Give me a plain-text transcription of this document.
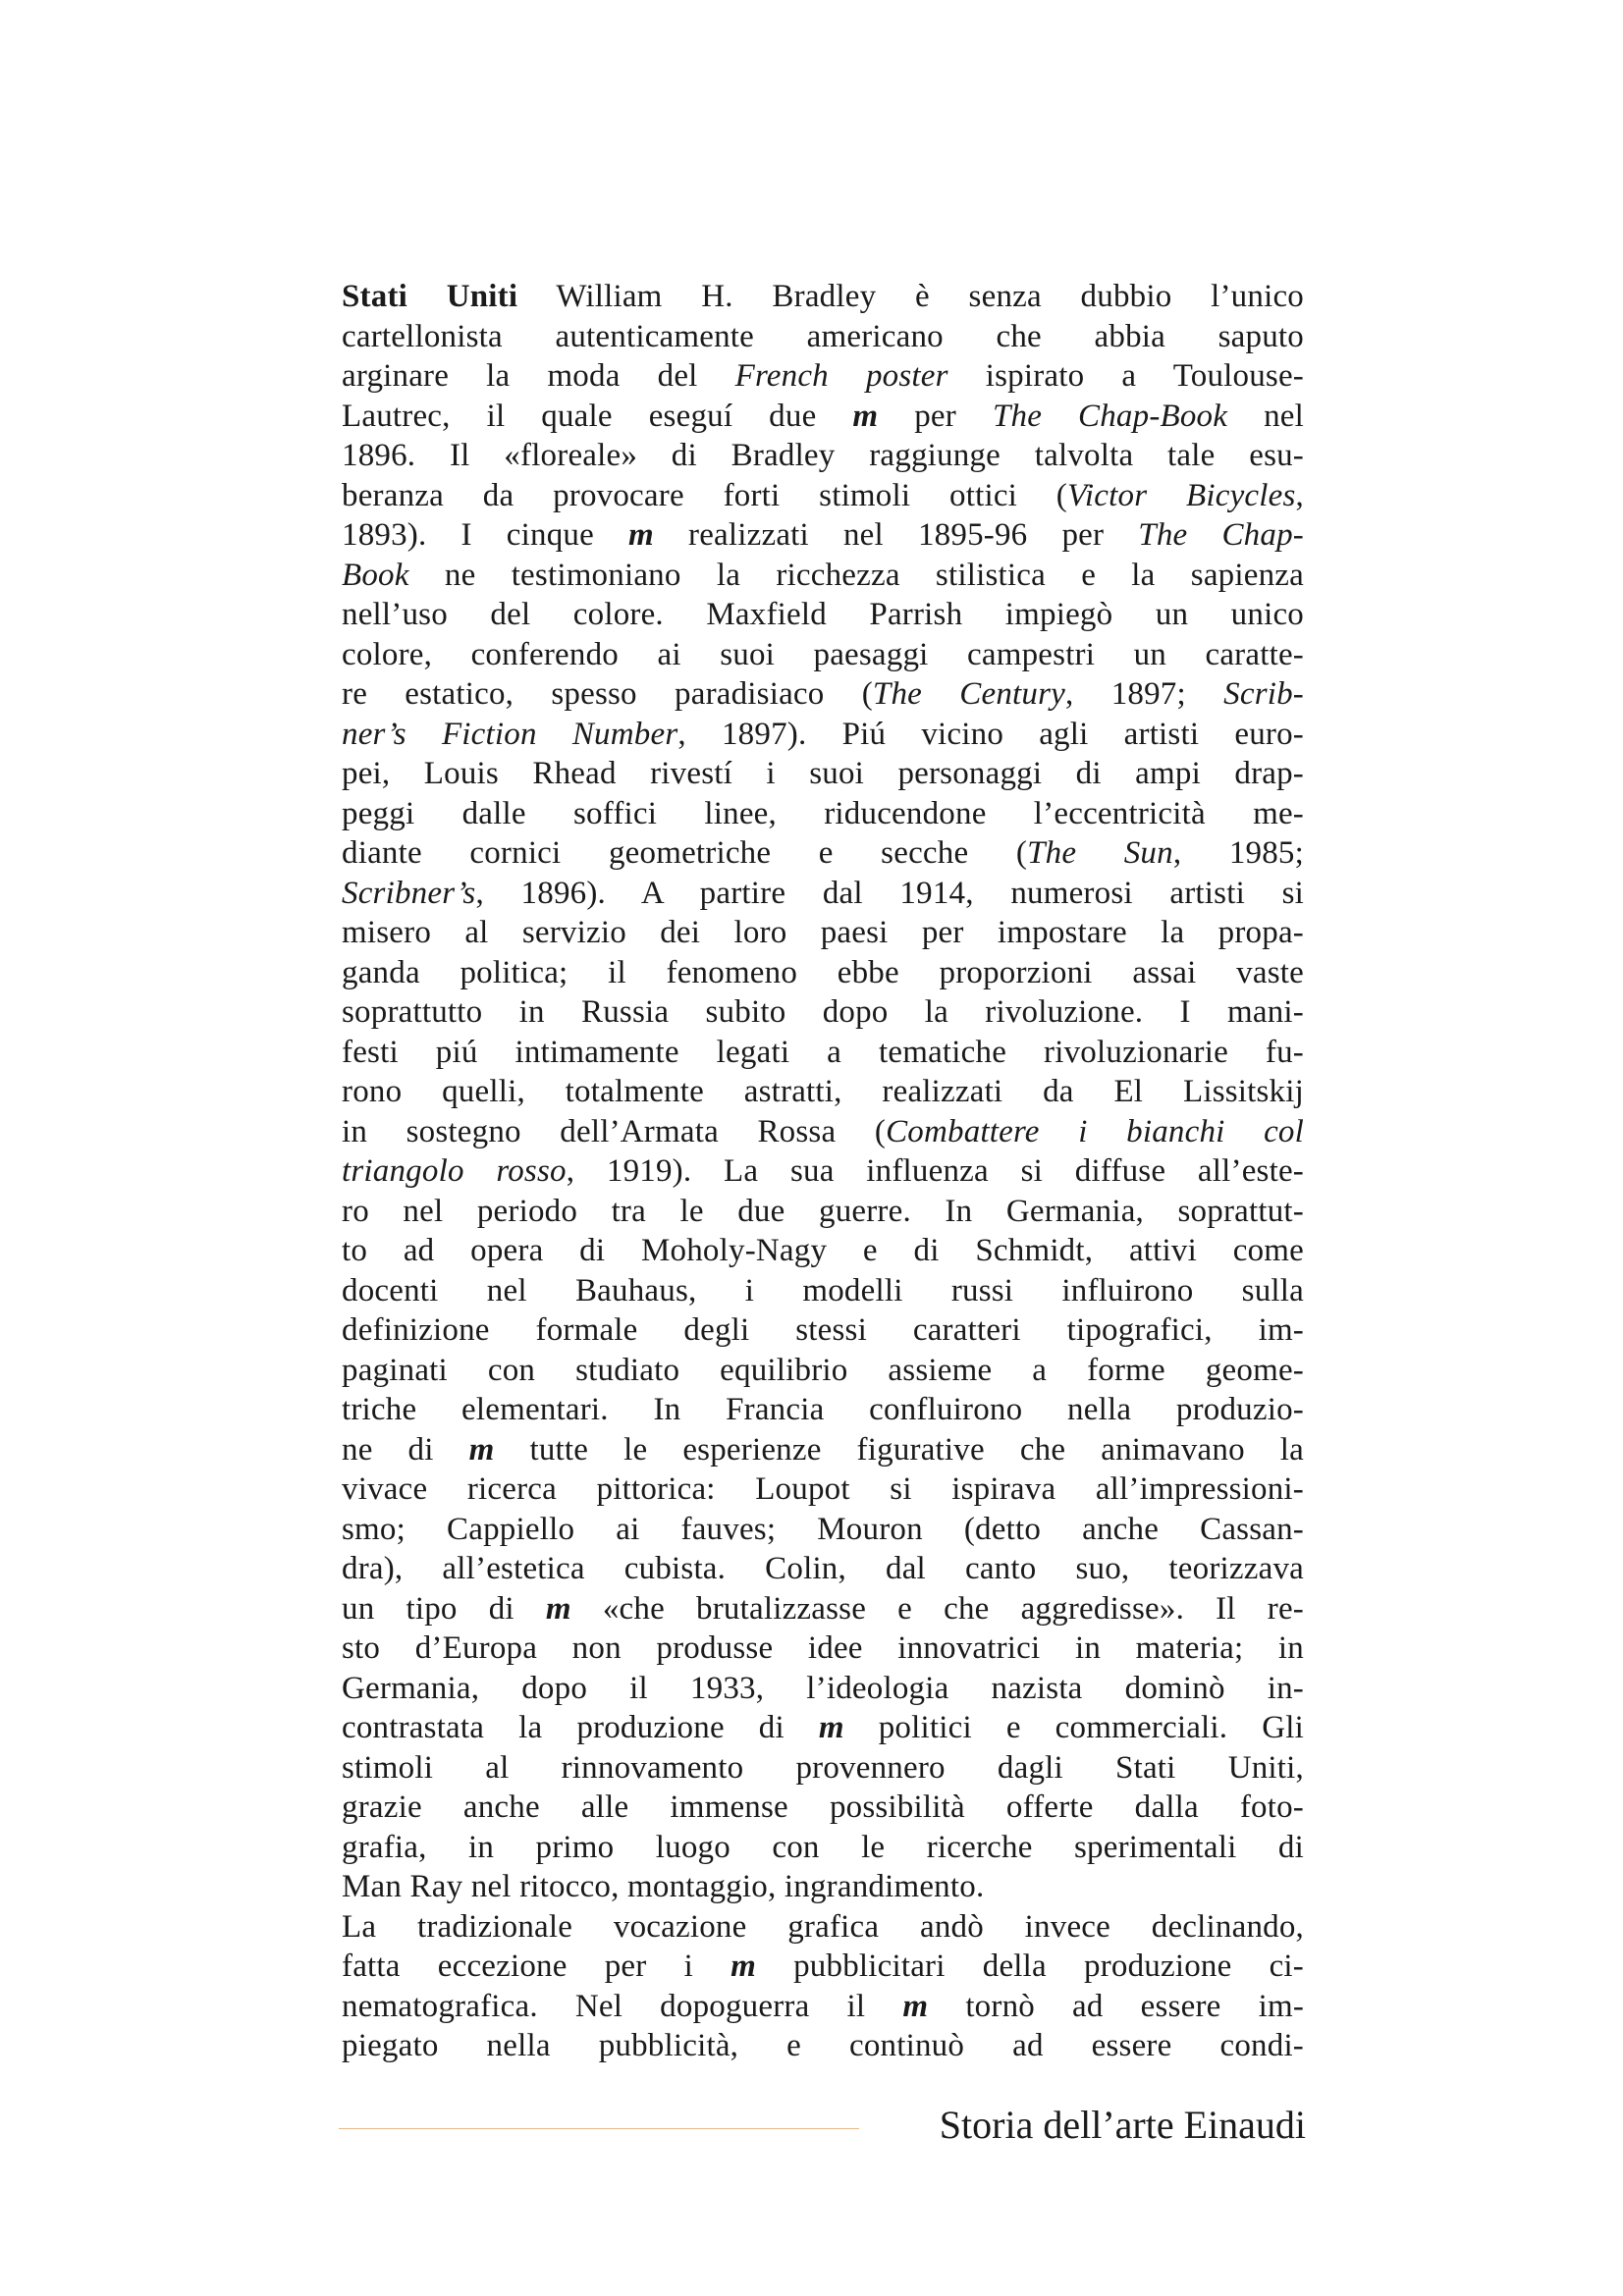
Stati Uniti William H. Bradley è senza dubbio l’unico
cartellonista autenticamente americano che abbia saputo
arginare la moda del French poster ispirato a Toulouse-
Lautrec, il quale eseguí due m per The Chap-Book nel
1896. Il «floreale» di Bradley raggiunge talvolta tale esu-
beranza da provocare forti stimoli ottici (Victor Bicycles,
1893). I cinque m realizzati nel 1895-96 per The Chap-
Book ne testimoniano la ricchezza stilistica e la sapienza
nell’uso del colore. Maxfield Parrish impiegò un unico
colore, conferendo ai suoi paesaggi campestri un caratte-
re estatico, spesso paradisiaco (The Century, 1897; Scrib-
ner’s Fiction Number, 1897). Piú vicino agli artisti euro-
pei, Louis Rhead rivestí i suoi personaggi di ampi drap-
peggi dalle soffici linee, riducendone l’eccentricità me-
diante cornici geometriche e secche (The Sun, 1985;
Scribner’s, 1896). A partire dal 1914, numerosi artisti si
misero al servizio dei loro paesi per impostare la propa-
ganda politica; il fenomeno ebbe proporzioni assai vaste
soprattutto in Russia subito dopo la rivoluzione. I mani-
festi piú intimamente legati a tematiche rivoluzionarie fu-
rono quelli, totalmente astratti, realizzati da El Lissitskij
in sostegno dell’Armata Rossa (Combattere i bianchi col
triangolo rosso, 1919). La sua influenza si diffuse all’este-
ro nel periodo tra le due guerre. In Germania, soprattut-
to ad opera di Moholy-Nagy e di Schmidt, attivi come
docenti nel Bauhaus, i modelli russi influirono sulla
definizione formale degli stessi caratteri tipografici, im-
paginati con studiato equilibrio assieme a forme geome-
triche elementari. In Francia confluirono nella produzio-
ne di m tutte le esperienze figurative che animavano la
vivace ricerca pittorica: Loupot si ispirava all’impressioni-
smo; Cappiello ai fauves; Mouron (detto anche Cassan-
dra), all’estetica cubista. Colin, dal canto suo, teorizzava
un tipo di m «che brutalizzasse e che aggredisse». Il re-
sto d’Europa non produsse idee innovatrici in materia; in
Germania, dopo il 1933, l’ideologia nazista dominò in-
contrastata la produzione di m politici e commerciali. Gli
stimoli al rinnovamento provennero dagli Stati Uniti,
grazie anche alle immense possibilità offerte dalla foto-
grafia, in primo luogo con le ricerche sperimentali di
Man Ray nel ritocco, montaggio, ingrandimento.
La tradizionale vocazione grafica andò invece declinando,
fatta eccezione per i m pubblicitari della produzione ci-
nematografica. Nel dopoguerra il m tornò ad essere im-
piegato nella pubblicità, e continuò ad essere condi-
Storia dell’arte Einaudi
